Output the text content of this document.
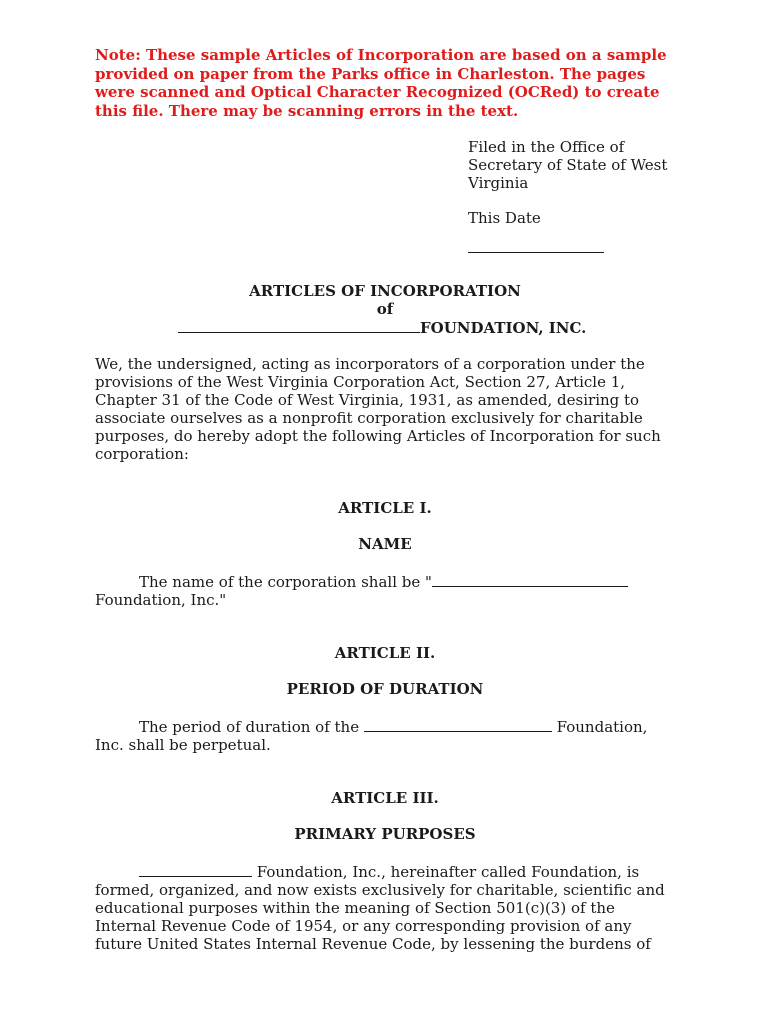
Note: These sample Articles of Incorporation are based on a sample
provided on paper from the Parks office in Charleston. The pages
were scanned and Optical Character Recognized (OCRed) to create
this file. There may be scanning errors in the text.

Filed in the Office of

Secretary of State of West

Virginia

This Date

ARTICLES OF INCORPORATION
of
FOUNDATION, INC.
We, the undersigned, acting as incorporators of a corporation under the
provisions of the West Virginia Corporation Act, Section 27, Article 1,
Chapter 31 of the Code of West Virginia, 1931, as amended, desiring to
associate ourselves as a nonprofit corporation exclusively for charitable
purposes, do hereby adopt the following Articles of Incorporation for such
corporation:

ARTICLE I.

NAME

The name of the corporation shall be "
Foundation, Inc."

ARTICLE II.

PERIOD OF DURATION

The period of duration of the	Foundation,
Inc. shall be perpetual.

ARTICLE III.

PRIMARY PURPOSES

Foundation, Inc., hereinafter called Foundation, is
formed, organized, and now exists exclusively for charitable, scientific and
educational purposes within the meaning of Section 501(c)(3) of the
Internal Revenue Code of 1954, or any corresponding provision of any
future United States Internal Revenue Code, by lessening the burdens of
